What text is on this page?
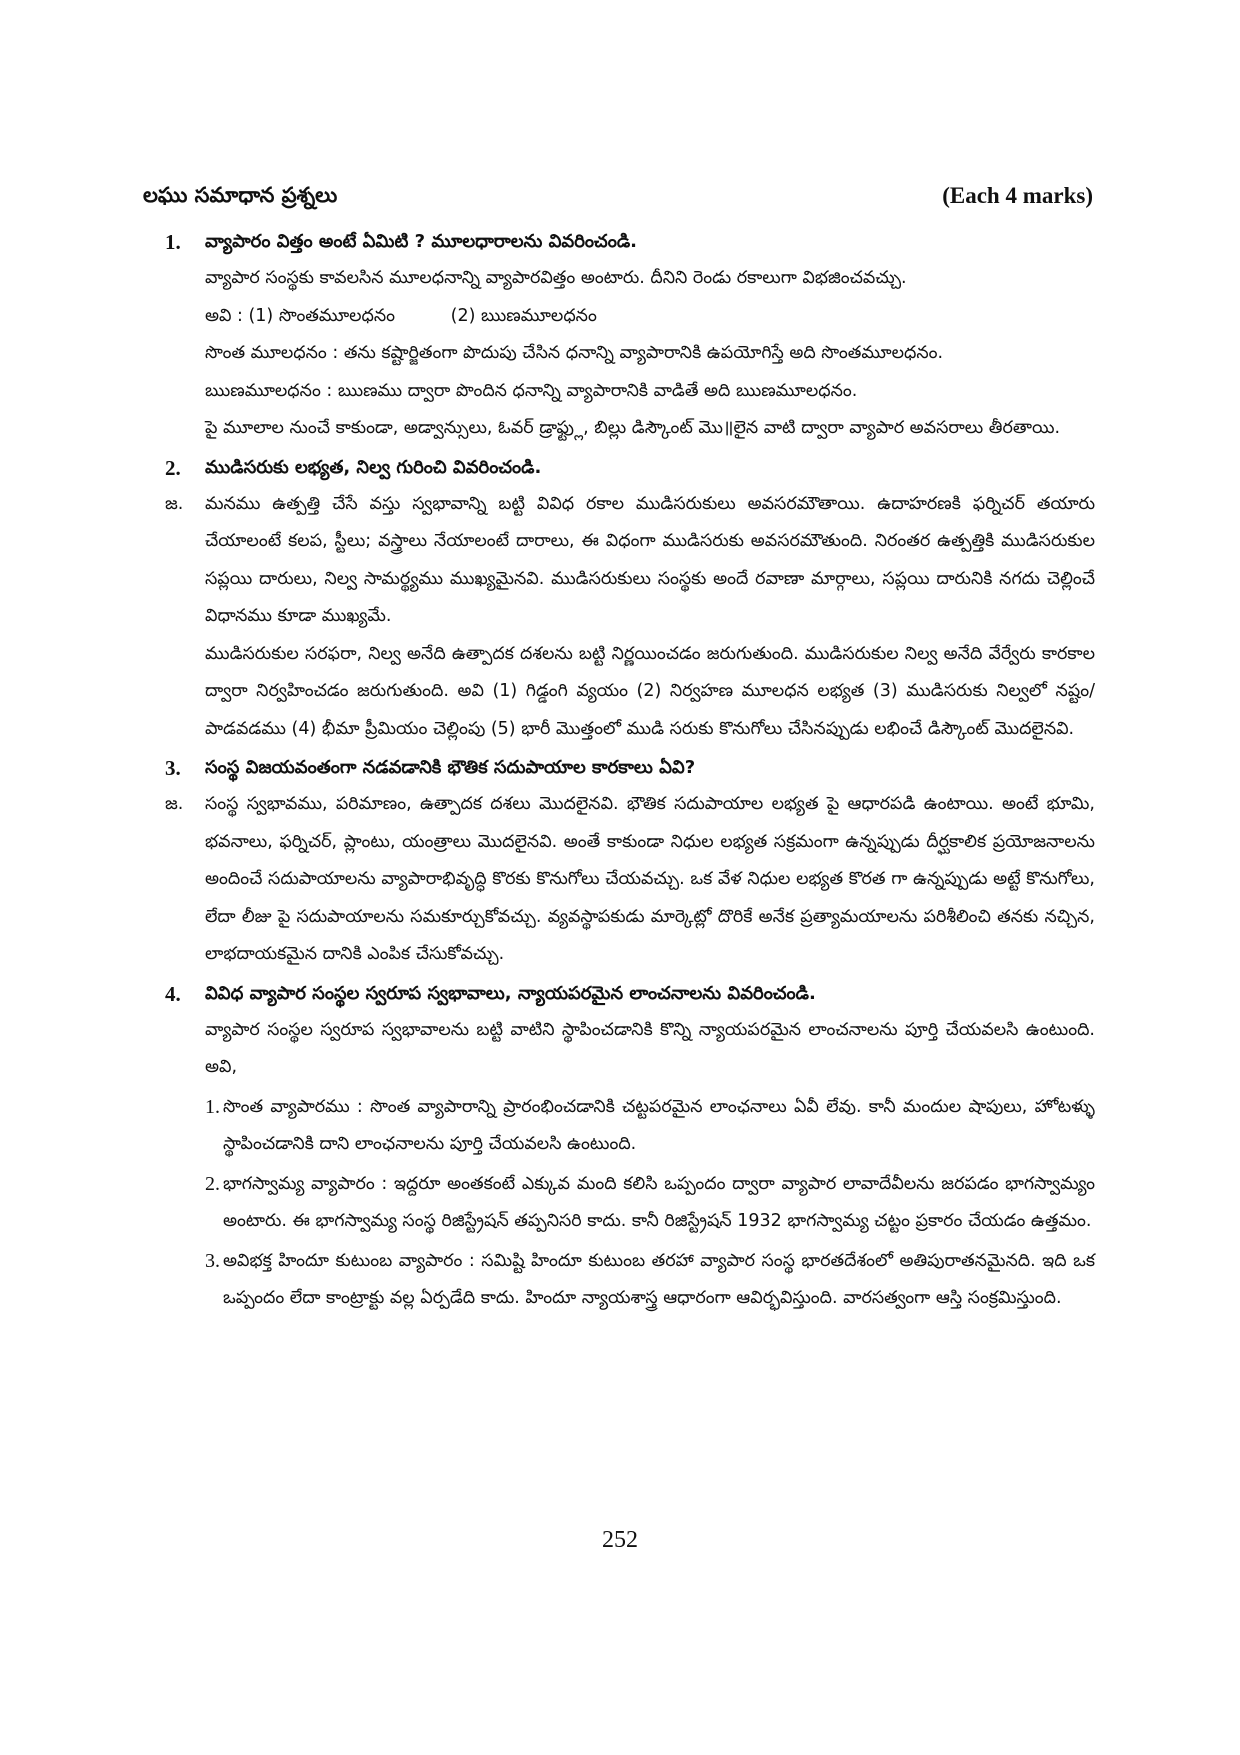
లఘు సమాధాన ప్రశ్నలు	(Each 4 marks)
1. వ్యాపారం విత్తం అంటే ఏమిటి ? మూలధారాలను వివరించండి.

వ్యాపార సంస్థకు కావలసిన మూలధనాన్ని వ్యాపారవిత్తం అంటారు. దీనిని రెండు రకాలుగా విభజించవచ్చు.

అవి : (1) సొంతమూలధనం          (2) ఋణమూలధనం

సొంత మూలధనం : తను కష్టార్జితంగా పొదుపు చేసిన ధనాన్ని వ్యాపారానికి ఉపయోగిస్తే అది సొంతమూలధనం.

ఋణమూలధనం : ఋణము ద్వారా పొందిన ధనాన్ని వ్యాపారానికి వాడితే అది ఋణమూలధనం.

పై మూలాల నుంచే కాకుండా, అడ్వాన్సులు, ఓవర్ డ్రాఫ్ట్లు, బిల్లు డిస్కౌంట్ మొ॥లైన వాటి ద్వారా వ్యాపార అవసరాలు తీరతాయి.

2. ముడిసరుకు లభ్యత, నిల్వ గురించి వివరించండి.
జ. మనము ఉత్పత్తి చేసే వస్తు స్వభావాన్ని బట్టి వివిధ రకాల ముడిసరుకులు అవసరమౌతాయి. ఉదాహరణకి ఫర్నిచర్ తయారు చేయాలంటే కలప, స్టీలు; వస్త్రాలు నేయాలంటే దారాలు, ఈ విధంగా ముడిసరుకు అవసరమౌతుంది. నిరంతర ఉత్పత్తికి ముడిసరుకుల సప్లయి దారులు, నిల్వ సామర్థ్యము ముఖ్యమైనవి. ముడిసరుకులు సంస్థకు అందే రవాణా మార్గాలు, సప్లయి దారునికి నగదు చెల్లించే విధానము కూడా ముఖ్యమే.

ముడిసరుకుల సరఫరా, నిల్వ అనేది ఉత్పాదక దశలను బట్టి నిర్ణయించడం జరుగుతుంది. ముడిసరుకుల నిల్వ అనేది వేర్వేరు కారకాల ద్వారా నిర్వహించడం జరుగుతుంది. అవి (1) గిడ్డంగి వ్యయం (2) నిర్వహణ మూలధన లభ్యత (3) ముడిసరుకు నిల్వలో నష్టం/ పాడవడము (4) భీమా ప్రీమియం చెల్లింపు (5) భారీ మొత్తంలో ముడి సరుకు కొనుగోలు చేసినప్పుడు లభించే డిస్కౌంట్ మొదలైనవి.

3. సంస్థ విజయవంతంగా నడవడానికి భౌతిక సదుపాయాల కారకాలు ఏవి?
జ. సంస్థ స్వభావము, పరిమాణం, ఉత్పాదక దశలు మొదలైనవి. భౌతిక సదుపాయాల లభ్యత పై ఆధారపడి ఉంటాయి. అంటే భూమి, భవనాలు, ఫర్నిచర్, ప్లాంటు, యంత్రాలు మొదలైనవి. అంతే కాకుండా నిధుల లభ్యత సక్రమంగా ఉన్నప్పుడు దీర్ఘకాలిక ప్రయోజనాలను అందించే సదుపాయాలను వ్యాపారాభివృద్ధి కొరకు కొనుగోలు చేయవచ్చు. ఒక వేళ నిధుల లభ్యత కొరత గా ఉన్నప్పుడు అట్టే కొనుగోలు, లేదా లీజు పై సదుపాయాలను సమకూర్చుకోవచ్చు. వ్యవస్థాపకుడు మార్కెట్లో దొరికే అనేక ప్రత్యామయాలను పరిశీలించి తనకు నచ్చిన, లాభదాయకమైన దానికి ఎంపిక చేసుకోవచ్చు.

4. వివిధ వ్యాపార సంస్థల స్వరూప స్వభావాలు, న్యాయపరమైన లాంచనాలను వివరించండి.

వ్యాపార సంస్థల స్వరూప స్వభావాలను బట్టి వాటిని స్థాపించడానికి కొన్ని న్యాయపరమైన లాంచనాలను పూర్తి చేయవలసి ఉంటుంది. అవి,

1. సొంత వ్యాపారము : సొంత వ్యాపారాన్ని ప్రారంభించడానికి చట్టపరమైన లాంఛనాలు ఏవీ లేవు. కానీ మందుల షాపులు, హోటళ్ళు స్థాపించడానికి దాని లాంఛనాలను పూర్తి చేయవలసి ఉంటుంది.
2. భాగస్వామ్య వ్యాపారం : ఇద్దరూ అంతకంటే ఎక్కువ మంది కలిసి ఒప్పందం ద్వారా వ్యాపార లావాదేవీలను జరపడం భాగస్వామ్యం అంటారు. ఈ భాగస్వామ్య సంస్థ రిజిస్ట్రేషన్ తప్పనిసరి కాదు. కానీ రిజిస్ట్రేషన్ 1932 భాగస్వామ్య చట్టం ప్రకారం చేయడం ఉత్తమం.
3. అవిభక్త హిందూ కుటుంబ వ్యాపారం : సమిష్టి హిందూ కుటుంబ తరహా వ్యాపార సంస్థ భారతదేశంలో అతిపురాతనమైనది. ఇది ఒక ఒప్పందం లేదా కాంట్రాక్టు వల్ల ఏర్పడేది కాదు. హిందూ న్యాయశాస్త్ర ఆధారంగా ఆవిర్భవిస్తుంది. వారసత్వంగా ఆస్తి సంక్రమిస్తుంది.
252
